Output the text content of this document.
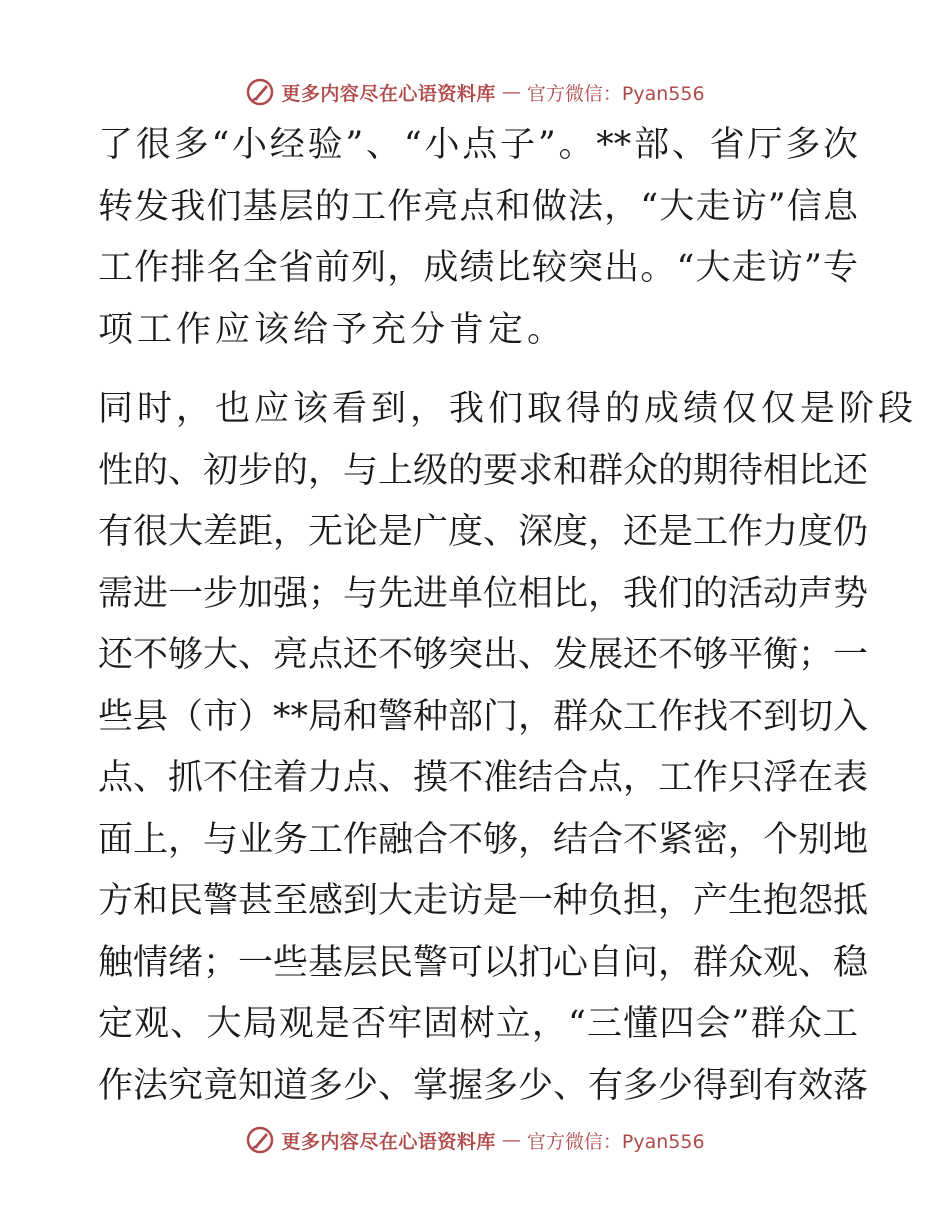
更多内容尽在心语资料库 — 官方微信：Pyan556
了很多“小经验”、“小点子”。**部、省厅多次
转发我们基层的工作亮点和做法，“大走访”信息
工作排名全省前列，成绩比较突出。“大走访”专
项工作应该给予充分肯定。
同时，也应该看到，我们取得的成绩仅仅是阶段
性的、初步的，与上级的要求和群众的期待相比还
有很大差距，无论是广度、深度，还是工作力度仍
需进一步加强；与先进单位相比，我们的活动声势
还不够大、亮点还不够突出、发展还不够平衡；一
些县（市）**局和警种部门，群众工作找不到切入
点、抓不住着力点、摸不准结合点，工作只浮在表
面上，与业务工作融合不够，结合不紧密，个别地
方和民警甚至感到大走访是一种负担，产生抱怨抵
触情绪；一些基层民警可以扪心自问，群众观、稳
定观、大局观是否牢固树立，“三懂四会”群众工
作法究竟知道多少、掌握多少、有多少得到有效落
更多内容尽在心语资料库 — 官方微信：Pyan556
